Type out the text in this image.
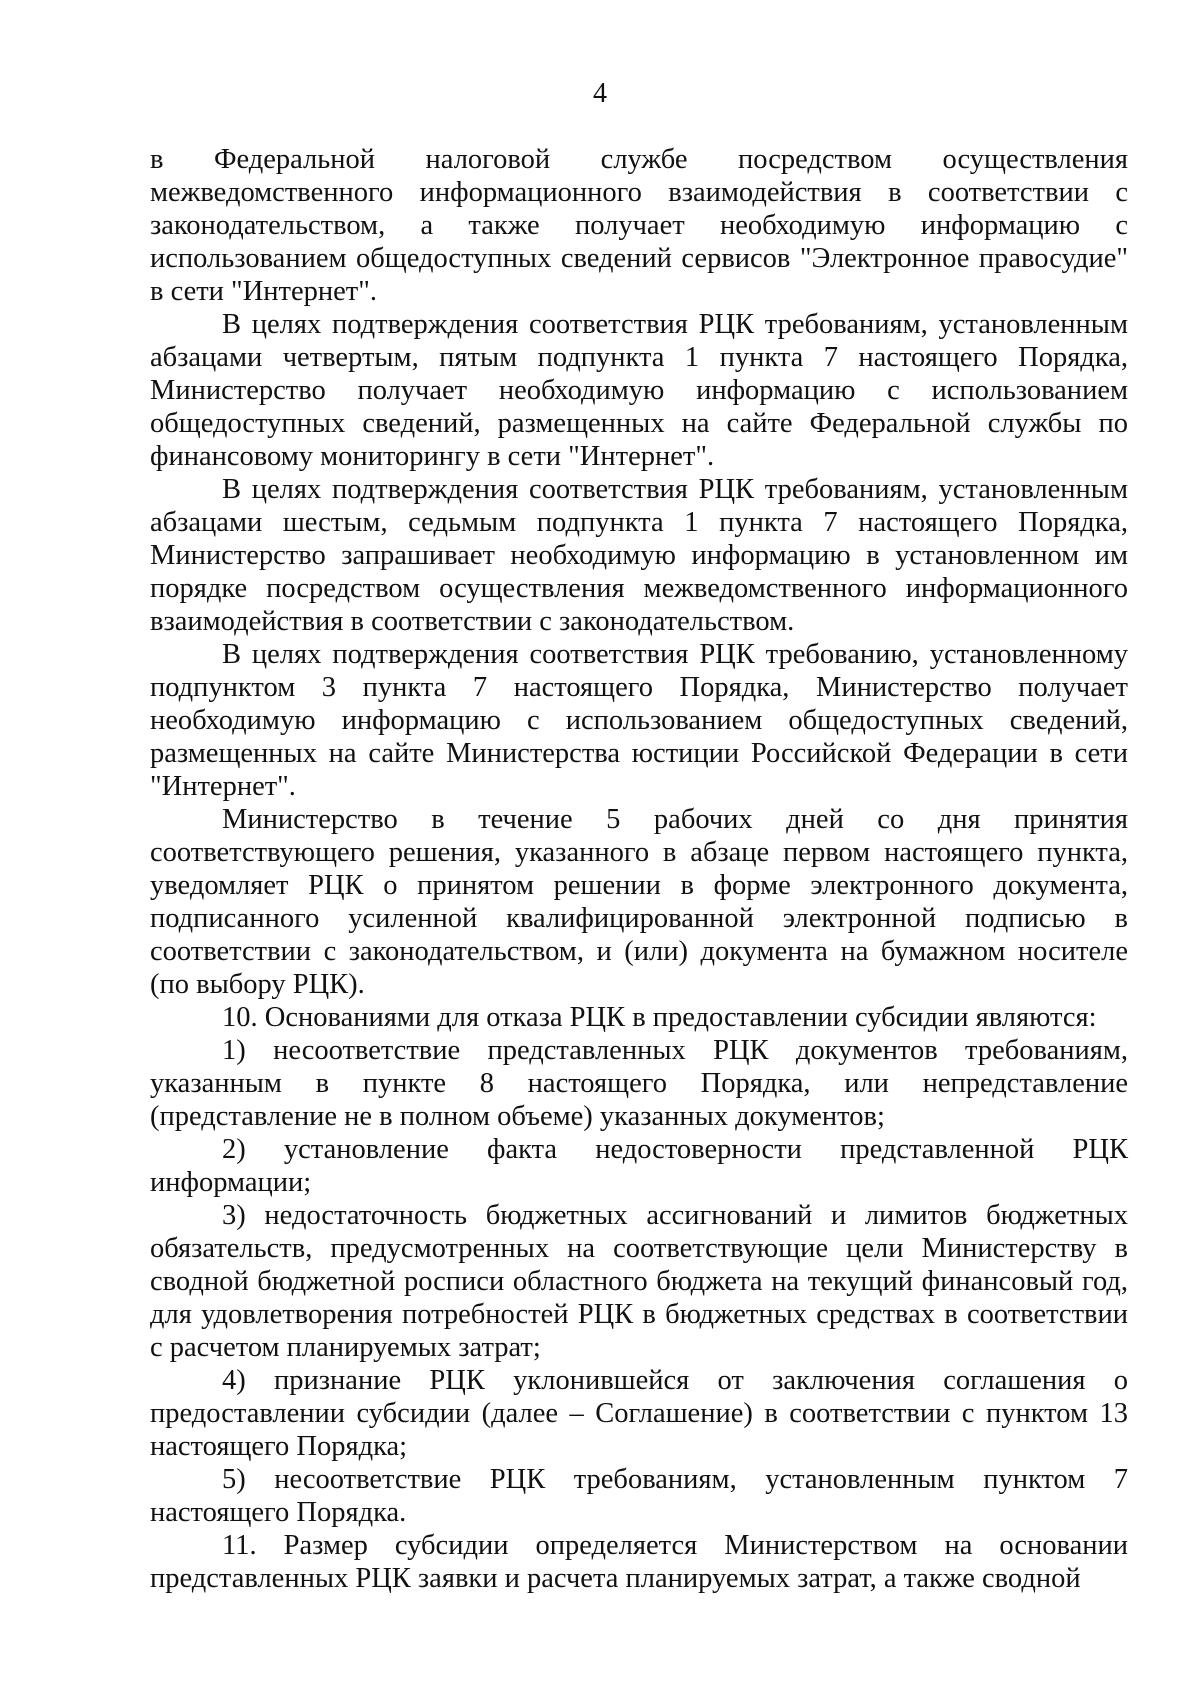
4

в Федеральной налоговой службе посредством осуществления межведомственного информационного взаимодействия в соответствии с законодательством, а также получает необходимую информацию с использованием общедоступных сведений сервисов "Электронное правосудие" в сети "Интернет".

В целях подтверждения соответствия РЦК требованиям, установленным абзацами четвертым, пятым подпункта 1 пункта 7 настоящего Порядка, Министерство получает необходимую информацию с использованием общедоступных сведений, размещенных на сайте Федеральной службы по финансовому мониторингу в сети "Интернет".

В целях подтверждения соответствия РЦК требованиям, установленным абзацами шестым, седьмым подпункта 1 пункта 7 настоящего Порядка, Министерство запрашивает необходимую информацию в установленном им порядке посредством осуществления межведомственного информационного взаимодействия в соответствии с законодательством.

В целях подтверждения соответствия РЦК требованию, установленному подпунктом 3 пункта 7 настоящего Порядка, Министерство получает необходимую информацию с использованием общедоступных сведений, размещенных на сайте Министерства юстиции Российской Федерации в сети "Интернет".

Министерство в течение 5 рабочих дней со дня принятия соответствующего решения, указанного в абзаце первом настоящего пункта, уведомляет РЦК о принятом решении в форме электронного документа, подписанного усиленной квалифицированной электронной подписью в соответствии с законодательством, и (или) документа на бумажном носителе (по выбору РЦК).

10. Основаниями для отказа РЦК в предоставлении субсидии являются:

1) несоответствие представленных РЦК документов требованиям, указанным в пункте 8 настоящего Порядка, или непредставление (представление не в полном объеме) указанных документов;

2) установление факта недостоверности представленной РЦК информации;

3) недостаточность бюджетных ассигнований и лимитов бюджетных обязательств, предусмотренных на соответствующие цели Министерству в сводной бюджетной росписи областного бюджета на текущий финансовый год, для удовлетворения потребностей РЦК в бюджетных средствах в соответствии с расчетом планируемых затрат;

4) признание РЦК уклонившейся от заключения соглашения о предоставлении субсидии (далее – Соглашение) в соответствии с пунктом 13 настоящего Порядка;

5) несоответствие РЦК требованиям, установленным пунктом 7 настоящего Порядка.

11. Размер субсидии определяется Министерством на основании представленных РЦК заявки и расчета планируемых затрат, а также сводной
